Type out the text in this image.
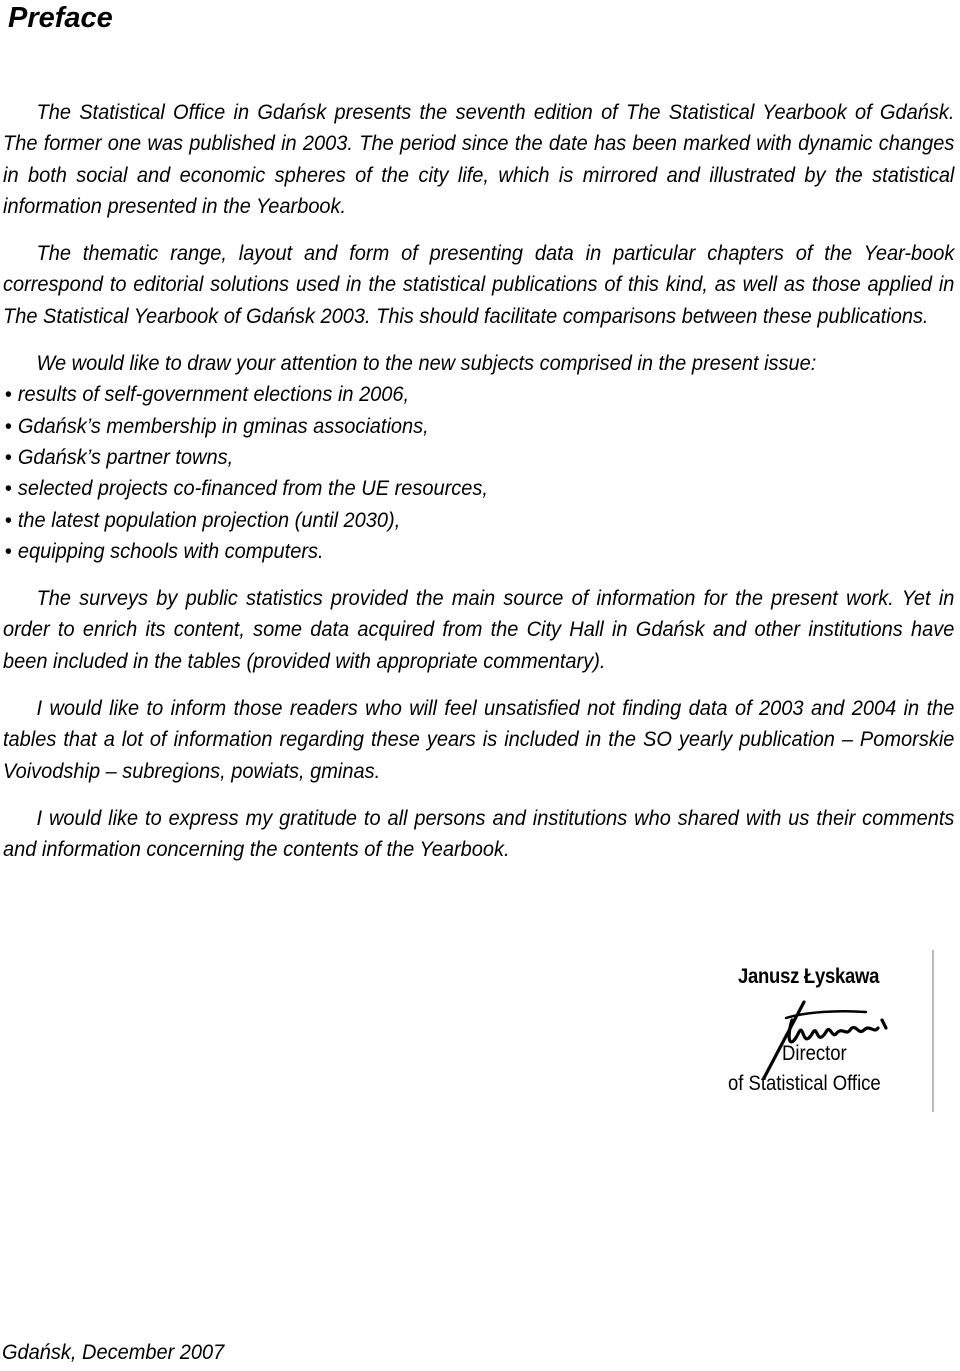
Preface

The Statistical Office in Gdańsk presents the seventh edition of The Statistical Yearbook of Gdańsk. The former one was published in 2003. The period since the date has been marked with dynamic changes in both social and economic spheres of the city life, which is mirrored and illustrated by the statistical information presented in the Yearbook.

The thematic range, layout and form of presenting data in particular chapters of the Year-book correspond to editorial solutions used in the statistical publications of this kind, as well as those applied in The Statistical Yearbook of Gdańsk 2003. This should facilitate comparisons between these publications.

We would like to draw your attention to the new subjects comprised in the present issue:

• results of self-government elections in 2006,
• Gdańsk’s membership in gminas associations,
• Gdańsk’s partner towns,
• selected projects co-financed from the UE resources,
• the latest population projection (until 2030),
• equipping schools with computers.

The surveys by public statistics provided the main source of information for the present work. Yet in order to enrich its content, some data acquired from the City Hall in Gdańsk and other institutions have been included in the tables (provided with appropriate commentary).

I would like to inform those readers who will feel unsatisfied not finding data of 2003 and 2004 in the tables that a lot of information regarding these years is included in the SO yearly publication – Pomorskie Voivodship – subregions, powiats, gminas.

I would like to express my gratitude to all persons and institutions who shared with us their comments and information concerning the contents of the Yearbook.

Janusz Łyskawa
Director
of Statistical Office
Gdańsk, December 2007
